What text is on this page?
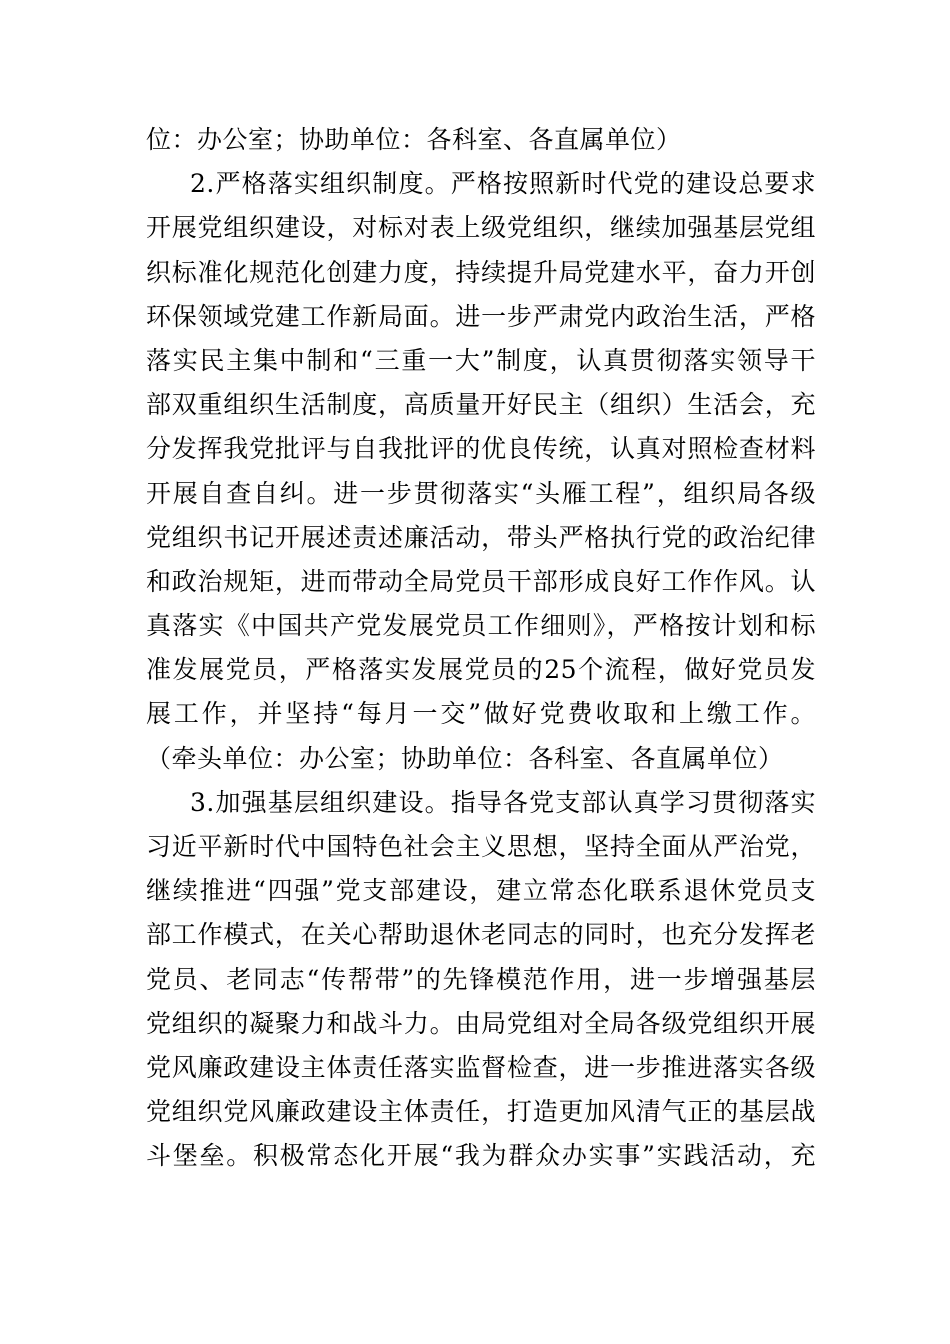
位：办公室；协助单位：各科室、各直属单位）
2.严格落实组织制度。严格按照新时代党的建设总要求
开展党组织建设，对标对表上级党组织，继续加强基层党组
织标准化规范化创建力度，持续提升局党建水平，奋力开创
环保领域党建工作新局面。进一步严肃党内政治生活，严格
落实民主集中制和“三重一大”制度，认真贯彻落实领导干
部双重组织生活制度，高质量开好民主（组织）生活会，充
分发挥我党批评与自我批评的优良传统，认真对照检查材料
开展自查自纠。进一步贯彻落实“头雁工程”，组织局各级
党组织书记开展述责述廉活动，带头严格执行党的政治纪律
和政治规矩，进而带动全局党员干部形成良好工作作风。认
真落实《中国共产党发展党员工作细则》，严格按计划和标
准发展党员，严格落实发展党员的25个流程，做好党员发
展工作，并坚持“每月一交”做好党费收取和上缴工作。
（牵头单位：办公室；协助单位：各科室、各直属单位）
3.加强基层组织建设。指导各党支部认真学习贯彻落实
习近平新时代中国特色社会主义思想，坚持全面从严治党，
继续推进“四强”党支部建设，建立常态化联系退休党员支
部工作模式，在关心帮助退休老同志的同时，也充分发挥老
党员、老同志“传帮带”的先锋模范作用，进一步增强基层
党组织的凝聚力和战斗力。由局党组对全局各级党组织开展
党风廉政建设主体责任落实监督检查，进一步推进落实各级
党组织党风廉政建设主体责任，打造更加风清气正的基层战
斗堡垒。积极常态化开展“我为群众办实事”实践活动，充
